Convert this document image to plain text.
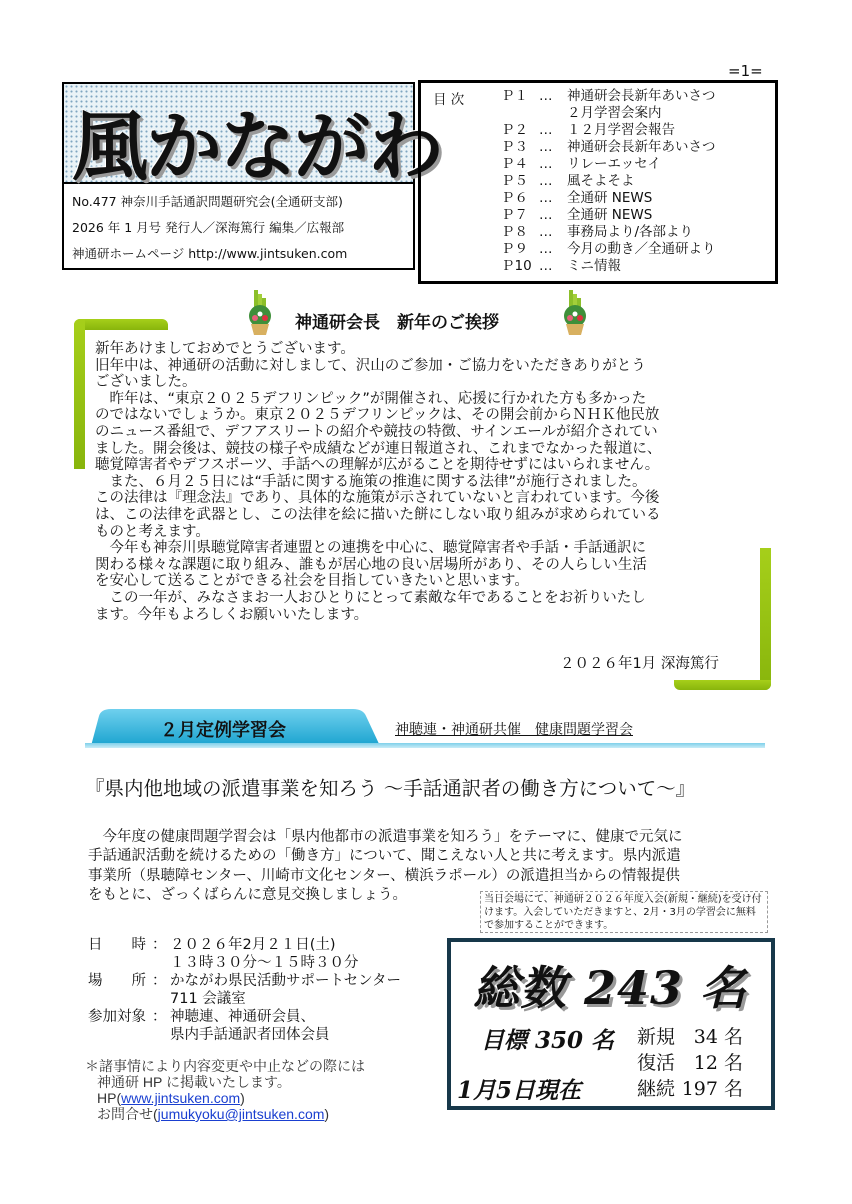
=1=
風かながわ
No.477 神奈川手話通訳問題研究会(全通研支部)
2026 年 1 月号 発行人／深海篤行 編集／広報部
神通研ホームページ http://www.jintsuken.com
目 次	Ｐ１ … 神通研会長新年あいさつ
２月学習会案内
Ｐ２ … １２月学習会報告
Ｐ３ … 神通研会長新年あいさつ
Ｐ４ … リレーエッセイ
Ｐ５ … 風そよそよ
Ｐ６ … 全通研 NEWS
Ｐ７ … 全通研 NEWS
Ｐ８ … 事務局より/各部より
Ｐ９ … 今月の動き／全通研より
Ｐ10 … ミニ情報
神通研会長　新年のご挨拶
新年あけましておめでとうございます。
旧年中は、神通研の活動に対しまして、沢山のご参加・ご協力をいただきありがとう
ございました。
　昨年は、“東京２０２５デフリンピック”が開催され、応援に行かれた方も多かった
のではないでしょうか。東京２０２５デフリンピックは、その開会前からＮＨＫ他民放
のニュース番組で、デフアスリートの紹介や競技の特徴、サインエールが紹介されてい
ました。開会後は、競技の様子や成績などが連日報道され、これまでなかった報道に、
聴覚障害者やデフスポーツ、手話への理解が広がることを期待せずにはいられません。
　また、６月２５日には“手話に関する施策の推進に関する法律”が施行されました。
この法律は『理念法』であり、具体的な施策が示されていないと言われています。今後
は、この法律を武器とし、この法律を絵に描いた餅にしない取り組みが求められている
ものと考えます。
　今年も神奈川県聴覚障害者連盟との連携を中心に、聴覚障害者や手話・手話通訳に
関わる様々な課題に取り組み、誰もが居心地の良い居場所があり、その人らしい生活
を安心して送ることができる社会を目指していきたいと思います。
　この一年が、みなさまお一人おひとりにとって素敵な年であることをお祈りいたし
ます。今年もよろしくお願いいたします。
２０２６年1月 深海篤行
２月定例学習会	神聴連・神通研共催　健康問題学習会
『県内他地域の派遣事業を知ろう ～手話通訳者の働き方について～』
　今年度の健康問題学習会は「県内他都市の派遣事業を知ろう」をテーマに、健康で元気に
手話通訳活動を続けるための「働き方」について、聞こえない人と共に考えます。県内派遣
事業所（県聴障センター、川崎市文化センター、横浜ラポール）の派遣担当からの情報提供
をもとに、ざっくばらんに意見交換しましょう。	当日会場にて、神通研２０２６年度入会(新規・継続)を受け付けます。入会していただきますと、2月・3月の学習会に無料で参加することができます。
日　　時 ： ２０２６年2月２１日(土)
１３時３０分～１５時３０分
場　　所 ： かながわ県民活動サポートセンター
711 会議室
参加対象 ： 神聴連、神通研会員、
県内手話通訳者団体会員
＊諸事情により内容変更や中止などの際には
神通研 HP に掲載いたします。
HP(www.jintsuken.com)
お問合せ(jumukyoku@jintsuken.com)
総数 243 名
目標 350 名
1月5日現在
新規 34 名
復活 12 名
継続 197 名
